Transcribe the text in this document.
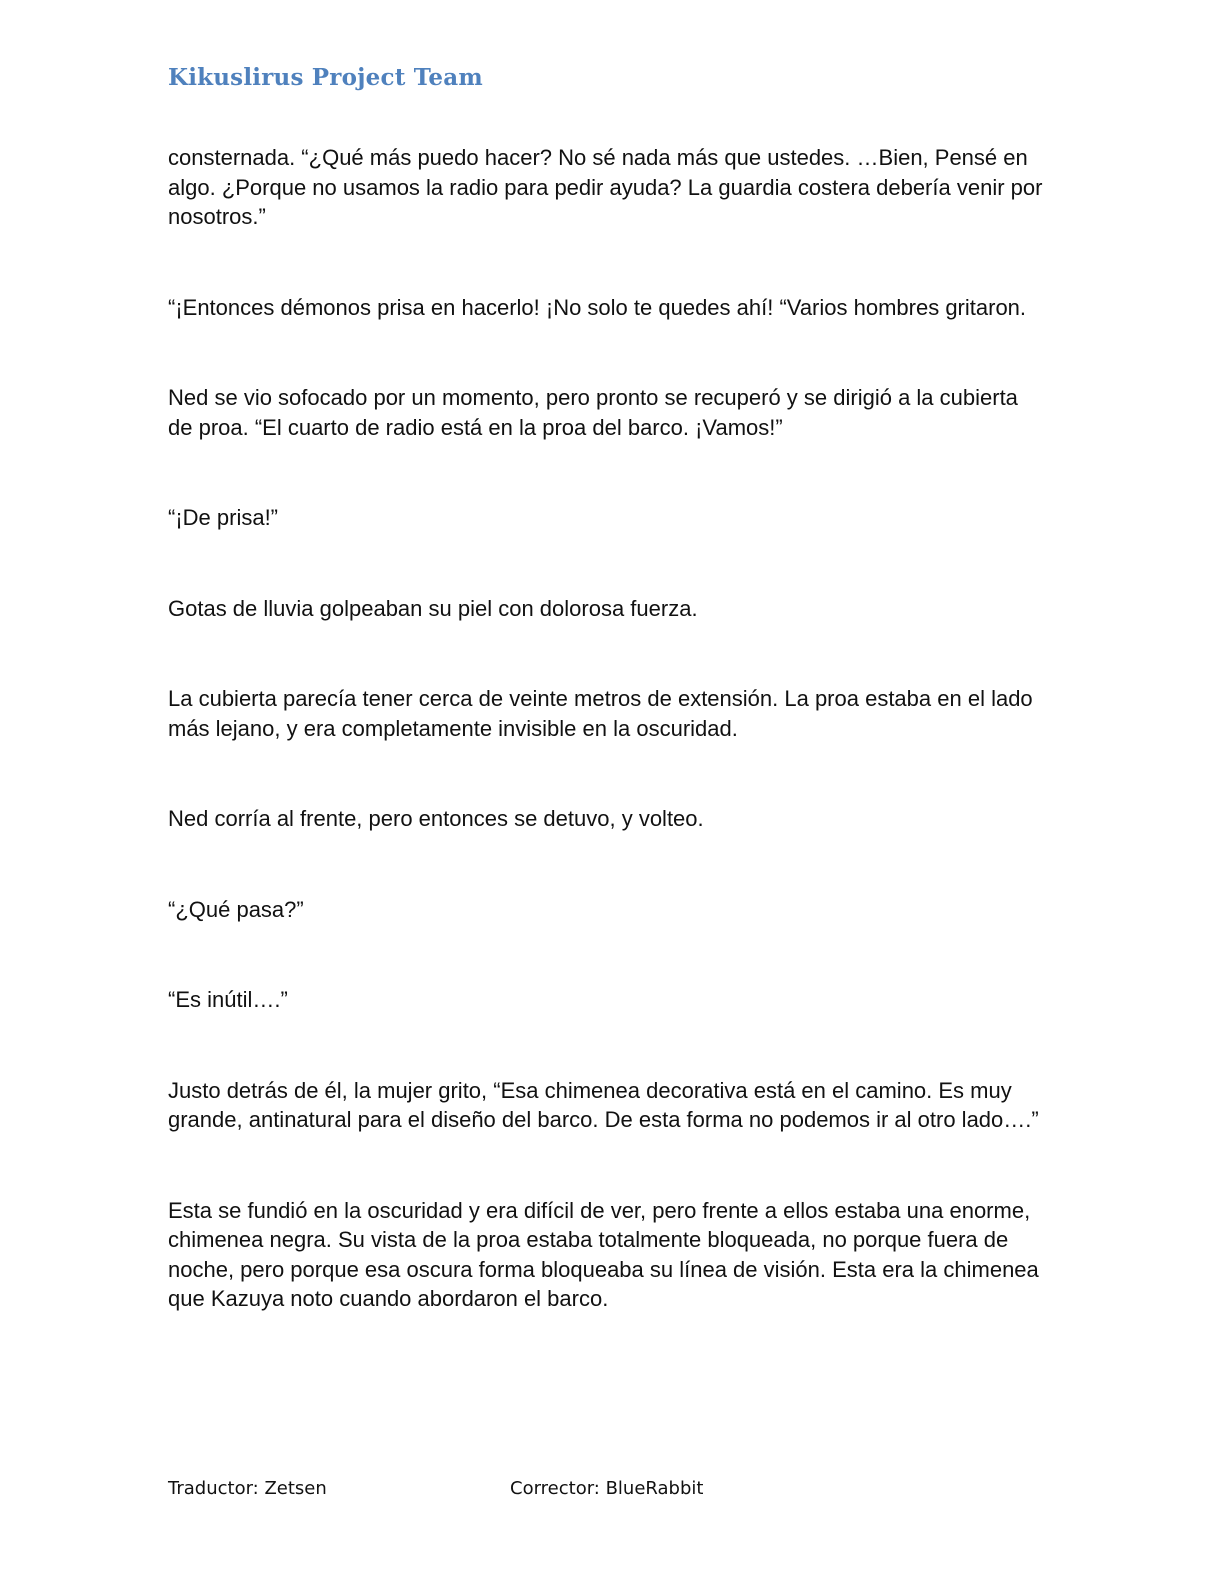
Kikuslirus Project Team

consternada. “¿Qué más puedo hacer? No sé nada más que ustedes. …Bien, Pensé en algo. ¿Porque no usamos la radio para pedir ayuda? La guardia costera debería venir por nosotros.”

“¡Entonces démonos prisa en hacerlo! ¡No solo te quedes ahí! “Varios hombres gritaron.

Ned se vio sofocado por un momento, pero pronto se recuperó y se dirigió a la cubierta de proa. “El cuarto de radio está en la proa del barco. ¡Vamos!”

“¡De prisa!”

Gotas de lluvia golpeaban su piel con dolorosa fuerza.

La cubierta parecía tener cerca de veinte metros de extensión. La proa estaba en el lado más lejano, y era completamente invisible en la oscuridad.

Ned corría al frente, pero entonces se detuvo, y volteo.

“¿Qué pasa?”

“Es inútil….”

Justo detrás de él, la mujer grito, “Esa chimenea decorativa está en el camino. Es muy grande, antinatural para el diseño del barco. De esta forma no podemos ir al otro lado….”

Esta se fundió en la oscuridad y era difícil de ver, pero frente a ellos estaba una enorme, chimenea negra. Su vista de la proa estaba totalmente bloqueada, no porque fuera de noche, pero porque esa oscura forma bloqueaba su línea de visión. Esta era la chimenea que Kazuya noto cuando abordaron el barco.

Traductor: Zetsen	Corrector: BlueRabbit
